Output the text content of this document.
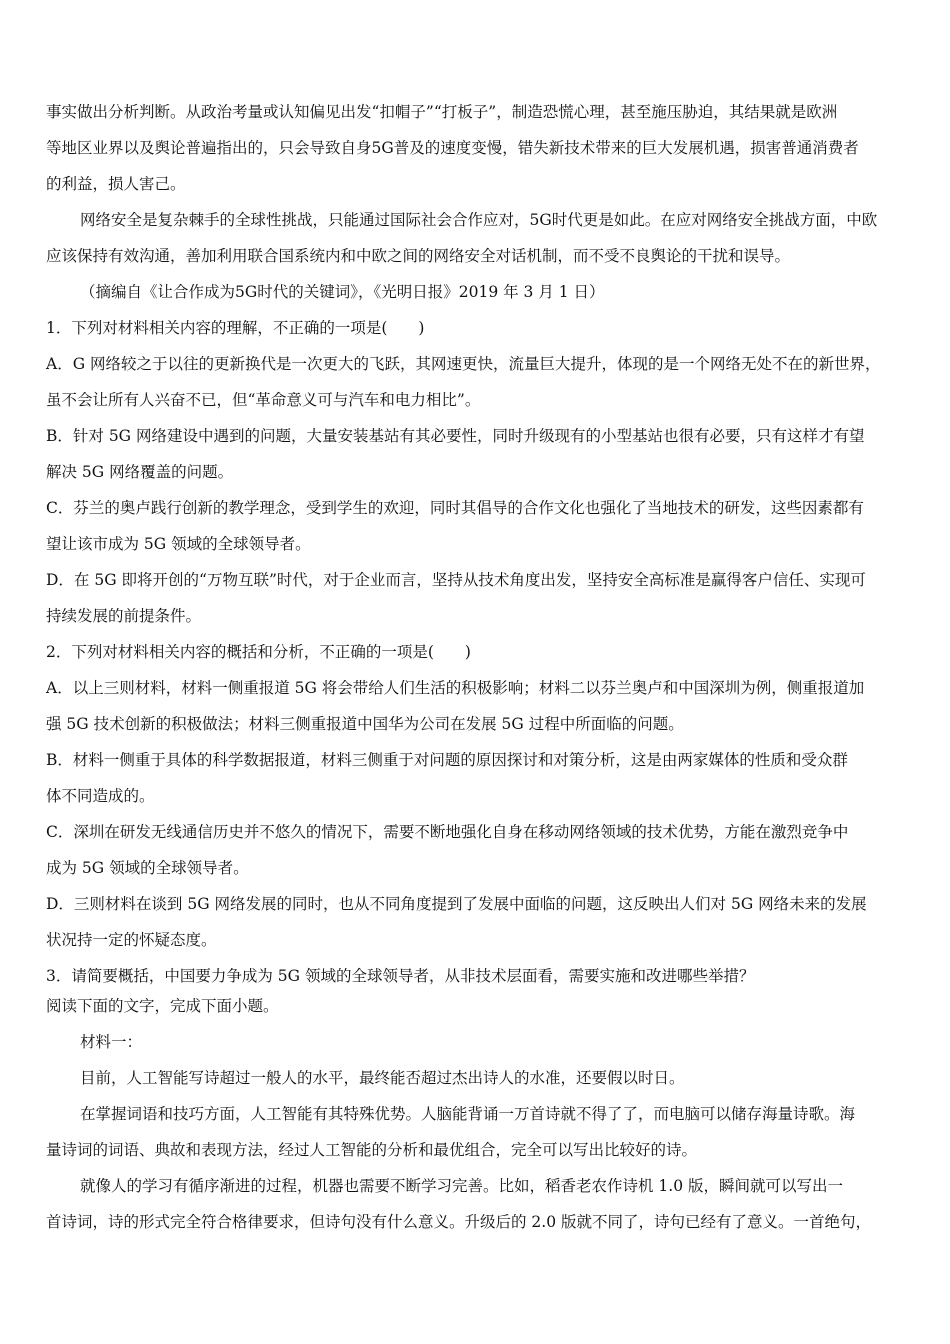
事实做出分析判断。从政治考量或认知偏见出发“扣帽子”“打板子”，制造恐慌心理，甚至施压胁迫，其结果就是欧洲
等地区业界以及舆论普遍指出的，只会导致自身5G普及的速度变慢，错失新技术带来的巨大发展机遇，损害普通消费者
的利益，损人害己。
网络安全是复杂棘手的全球性挑战，只能通过国际社会合作应对，5G时代更是如此。在应对网络安全挑战方面，中欧
应该保持有效沟通，善加利用联合国系统内和中欧之间的网络安全对话机制，而不受不良舆论的干扰和误导。
（摘编自《让合作成为5G时代的关键词》，《光明日报》2019 年 3 月 1 日）
1．下列对材料相关内容的理解，不正确的一项是(　　)
A．G 网络较之于以往的更新换代是一次更大的飞跃，其网速更快，流量巨大提升，体现的是一个网络无处不在的新世界，
虽不会让所有人兴奋不已，但“革命意义可与汽车和电力相比”。
B．针对 5G 网络建设中遇到的问题，大量安装基站有其必要性，同时升级现有的小型基站也很有必要，只有这样才有望
解决 5G 网络覆盖的问题。
C．芬兰的奥卢践行创新的教学理念，受到学生的欢迎，同时其倡导的合作文化也强化了当地技术的研发，这些因素都有
望让该市成为 5G 领域的全球领导者。
D．在 5G 即将开创的“万物互联”时代，对于企业而言，坚持从技术角度出发，坚持安全高标准是赢得客户信任、实现可
持续发展的前提条件。
2．下列对材料相关内容的概括和分析，不正确的一项是(　　)
A．以上三则材料，材料一侧重报道 5G 将会带给人们生活的积极影响；材料二以芬兰奥卢和中国深圳为例，侧重报道加
强 5G 技术创新的积极做法；材料三侧重报道中国华为公司在发展 5G 过程中所面临的问题。
B．材料一侧重于具体的科学数据报道，材料三侧重于对问题的原因探讨和对策分析，这是由两家媒体的性质和受众群
体不同造成的。
C．深圳在研发无线通信历史并不悠久的情况下，需要不断地强化自身在移动网络领域的技术优势，方能在激烈竞争中
成为 5G 领域的全球领导者。
D．三则材料在谈到 5G 网络发展的同时，也从不同角度提到了发展中面临的问题，这反映出人们对 5G 网络未来的发展
状况持一定的怀疑态度。
3．请简要概括，中国要力争成为 5G 领域的全球领导者，从非技术层面看，需要实施和改进哪些举措？
阅读下面的文字，完成下面小题。
材料一：
目前，人工智能写诗超过一般人的水平，最终能否超过杰出诗人的水准，还要假以时日。
在掌握词语和技巧方面，人工智能有其特殊优势。人脑能背诵一万首诗就不得了了，而电脑可以储存海量诗歌。海
量诗词的词语、典故和表现方法，经过人工智能的分析和最优组合，完全可以写出比较好的诗。
就像人的学习有循序渐进的过程，机器也需要不断学习完善。比如，稻香老农作诗机 1.0 版，瞬间就可以写出一
首诗词，诗的形式完全符合格律要求，但诗句没有什么意义。升级后的 2.0 版就不同了，诗句已经有了意义。一首绝句，
